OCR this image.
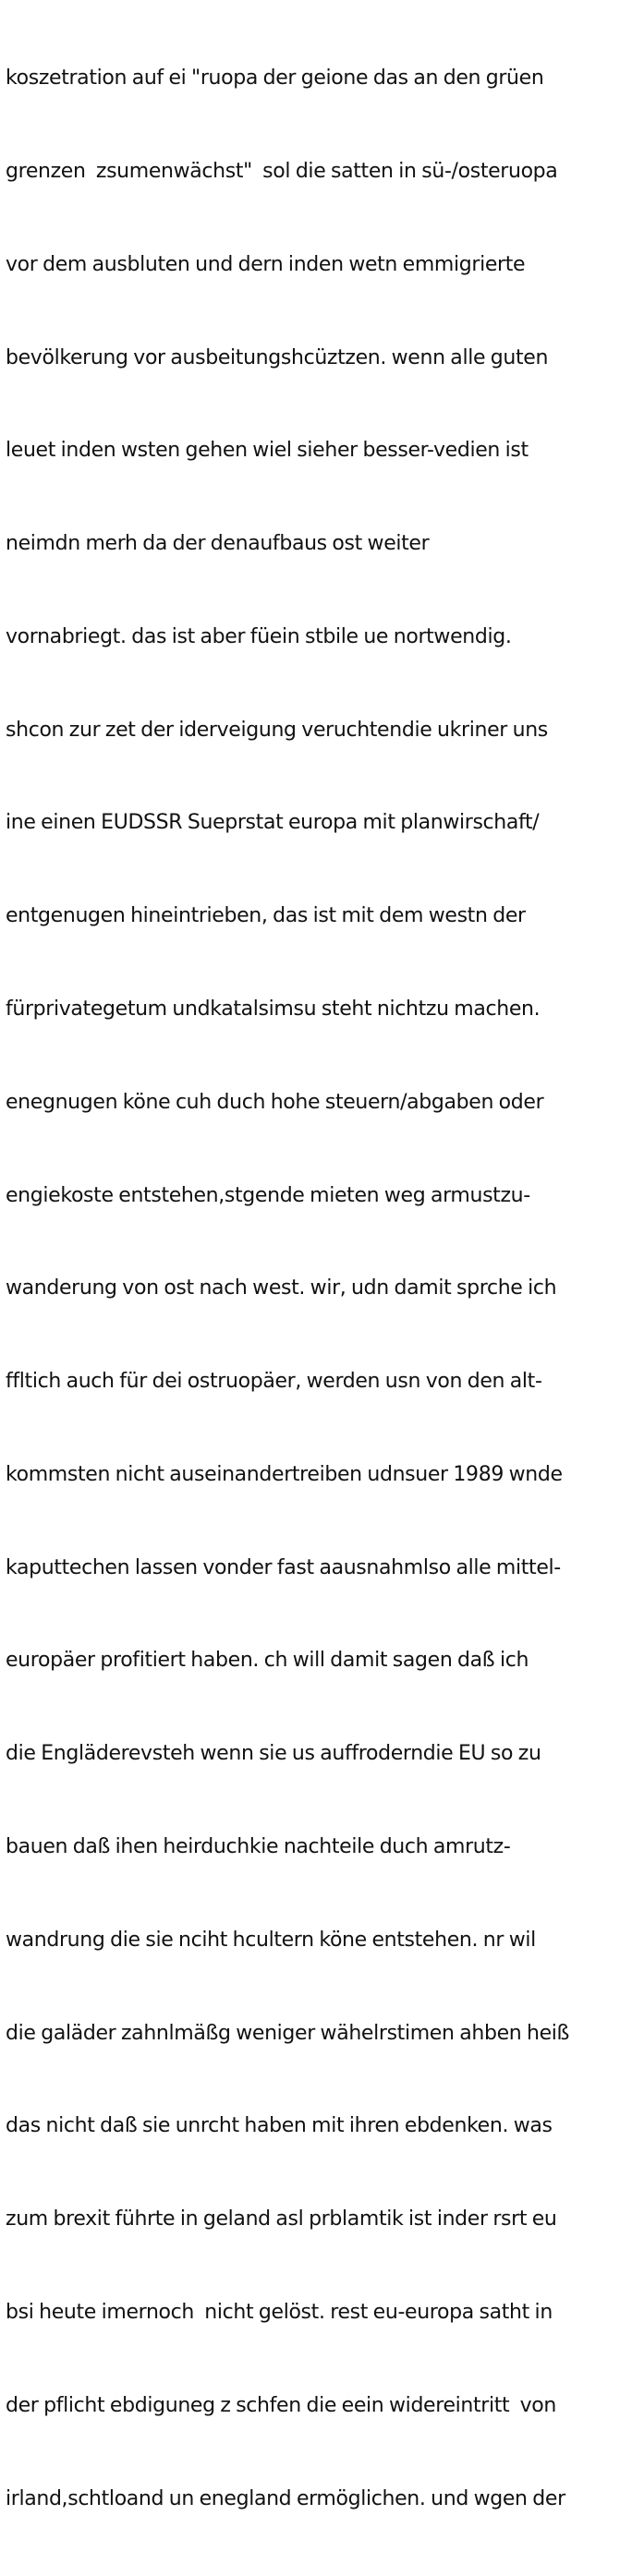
koszetration auf ei "ruopa der geione das an den grüen

grenzen  zsumenwächst"  sol die satten in sü-/osteruopa

vor dem ausbluten und dern inden wetn emmigrierte

bevölkerung vor ausbeitungshcüztzen. wenn alle guten

leuet inden wsten gehen wiel sieher besser-vedien ist

neimdn merh da der denaufbaus ost weiter

vornabriegt. das ist aber füein stbile ue nortwendig.

shcon zur zet der iderveigung veruchtendie ukriner uns

ine einen EUDSSR Sueprstat europa mit planwirschaft/

entgenugen hineintrieben, das ist mit dem westn der

fürprivategetum undkatalsimsu steht nichtzu machen.

enegnugen köne cuh duch hohe steuern/abgaben oder

engiekoste entstehen,stgende mieten weg armustzu-

wanderung von ost nach west. wir, udn damit sprche ich

ffltich auch für dei ostruopäer, werden usn von den alt-

kommsten nicht auseinandertreiben udnsuer 1989 wnde

kaputtechen lassen vonder fast aausnahmlso alle mittel-

europäer profitiert haben. ch will damit sagen daß ich

die Engläderevsteh wenn sie us auffroderndie EU so zu

bauen daß ihen heirduchkie nachteile duch amrutz-

wandrung die sie nciht hcultern köne entstehen. nr wil

die galäder zahnlmäßg weniger wähelrstimen ahben heiß

das nicht daß sie unrcht haben mit ihren ebdenken. was

zum brexit führte in geland asl prblamtik ist inder rsrt eu

bsi heute imernoch  nicht gelöst. rest eu-europa satht in

der pflicht ebdiguneg z schfen die eein widereintritt  von

irland,schtloand un enegland ermöglichen. und wgen der
